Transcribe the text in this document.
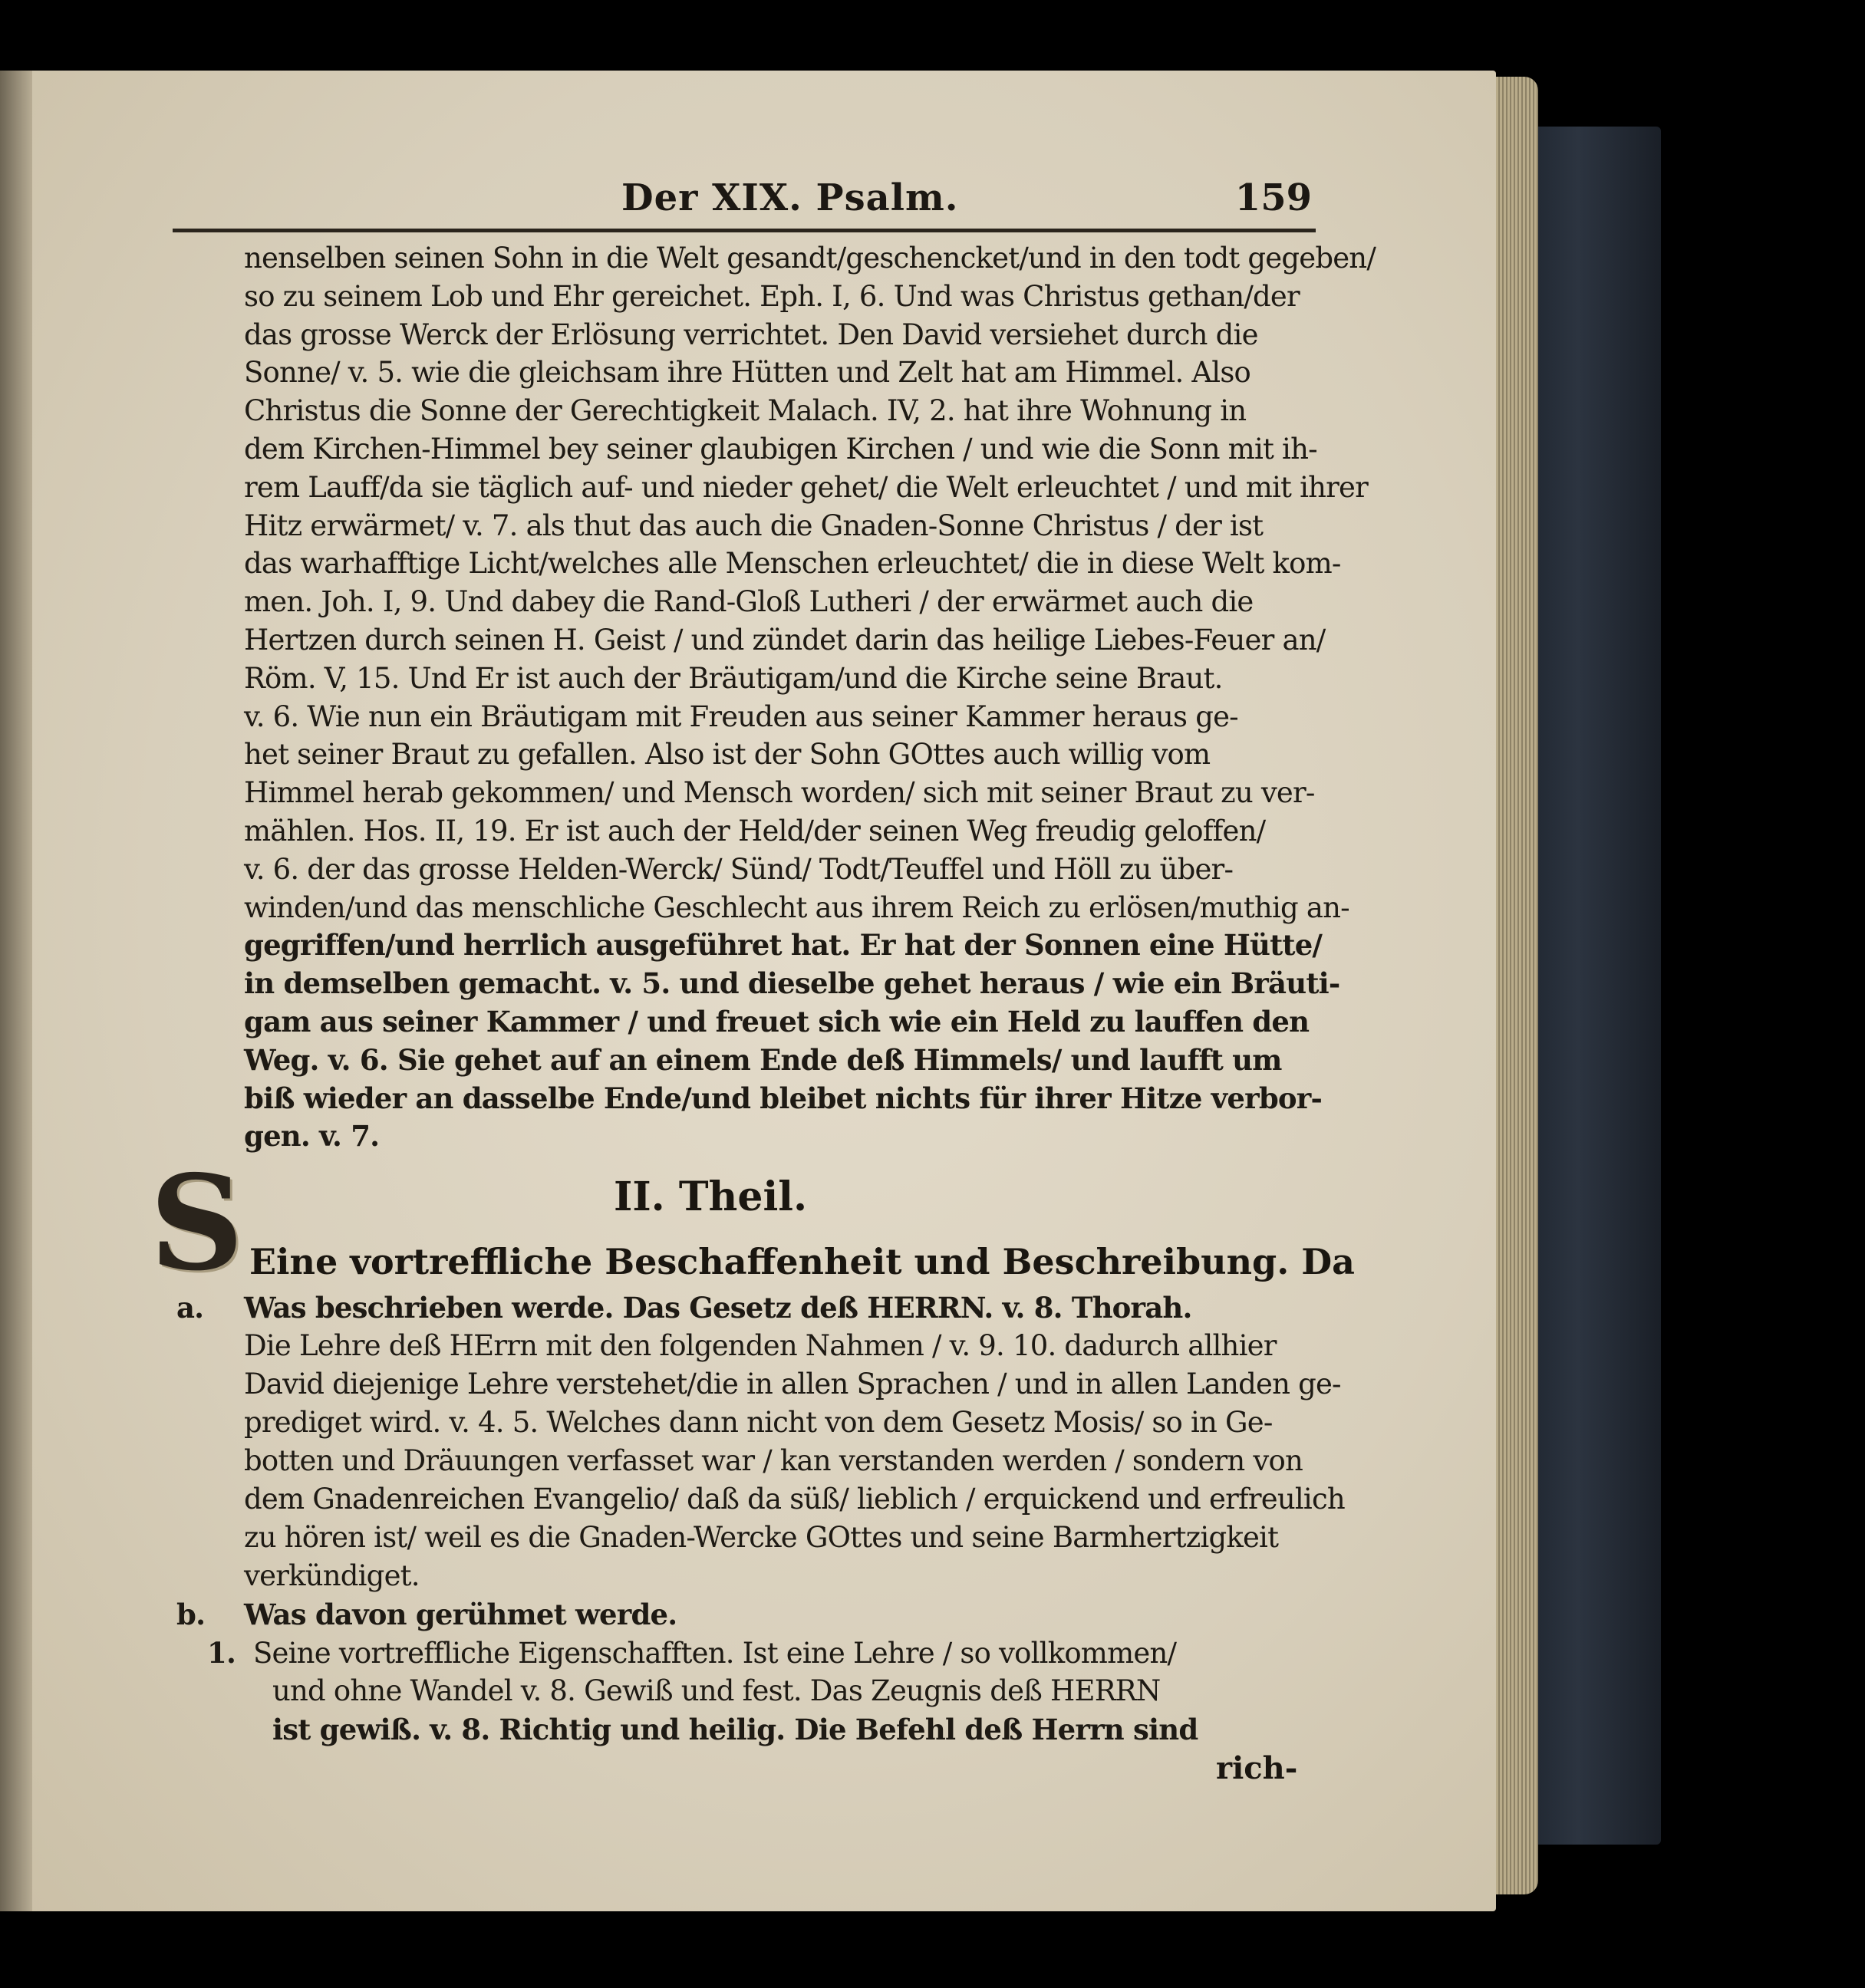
Der XIX. Psalm.	159
nenselben seinen Sohn in die Welt gesandt/geschencket/und in den todt gegeben/
so zu seinem Lob und Ehr gereichet. Eph. I, 6. Und was Christus gethan/der
das grosse Werck der Erlösung verrichtet. Den David versiehet durch die
Sonne/ v. 5. wie die gleichsam ihre Hütten und Zelt hat am Himmel. Also
Christus die Sonne der Gerechtigkeit Malach. IV, 2. hat ihre Wohnung in
dem Kirchen-Himmel bey seiner glaubigen Kirchen / und wie die Sonn mit ih-
rem Lauff/da sie täglich auf- und nieder gehet/ die Welt erleuchtet / und mit ihrer
Hitz erwärmet/ v. 7. als thut das auch die Gnaden-Sonne Christus / der ist
das warhafftige Licht/welches alle Menschen erleuchtet/ die in diese Welt kom-
men. Joh. I, 9. Und dabey die Rand-Gloß Lutheri / der erwärmet auch die
Hertzen durch seinen H. Geist / und zündet darin das heilige Liebes-Feuer an/
Röm. V, 15. Und Er ist auch der Bräutigam/und die Kirche seine Braut.
v. 6. Wie nun ein Bräutigam mit Freuden aus seiner Kammer heraus ge-
het seiner Braut zu gefallen. Also ist der Sohn GOttes auch willig vom
Himmel herab gekommen/ und Mensch worden/ sich mit seiner Braut zu ver-
mählen. Hos. II, 19. Er ist auch der Held/der seinen Weg freudig geloffen/
v. 6. der das grosse Helden-Werck/ Sünd/ Todt/Teuffel und Höll zu über-
winden/und das menschliche Geschlecht aus ihrem Reich zu erlösen/muthig an-
gegriffen/und herrlich ausgeführet hat. Er hat der Sonnen eine Hütte/
in demselben gemacht. v. 5. und dieselbe gehet heraus / wie ein Bräuti-
gam aus seiner Kammer / und freuet sich wie ein Held zu lauffen den
Weg. v. 6. Sie gehet auf an einem Ende deß Himmels/ und laufft um
biß wieder an dasselbe Ende/und bleibet nichts für ihrer Hitze verbor-
gen. v. 7.
II. Theil.
S Eine vortreffliche Beschaffenheit und Beschreibung. Da
a. Was beschrieben werde. Das Gesetz deß HERRN. v. 8. Thorah.
Die Lehre deß HErrn mit den folgenden Nahmen / v. 9. 10. dadurch allhier
David diejenige Lehre verstehet/die in allen Sprachen / und in allen Landen ge-
prediget wird. v. 4. 5. Welches dann nicht von dem Gesetz Mosis/ so in Ge-
botten und Dräuungen verfasset war / kan verstanden werden / sondern von
dem Gnadenreichen Evangelio/ daß da süß/ lieblich / erquickend und erfreulich
zu hören ist/ weil es die Gnaden-Wercke GOttes und seine Barmhertzigkeit
verkündiget.
b. Was davon gerühmet werde.
1. Seine vortreffliche Eigenschafften. Ist eine Lehre / so vollkommen/
und ohne Wandel v. 8. Gewiß und fest. Das Zeugnis deß HERRN
ist gewiß. v. 8. Richtig und heilig. Die Befehl deß Herrn sind
rich-
